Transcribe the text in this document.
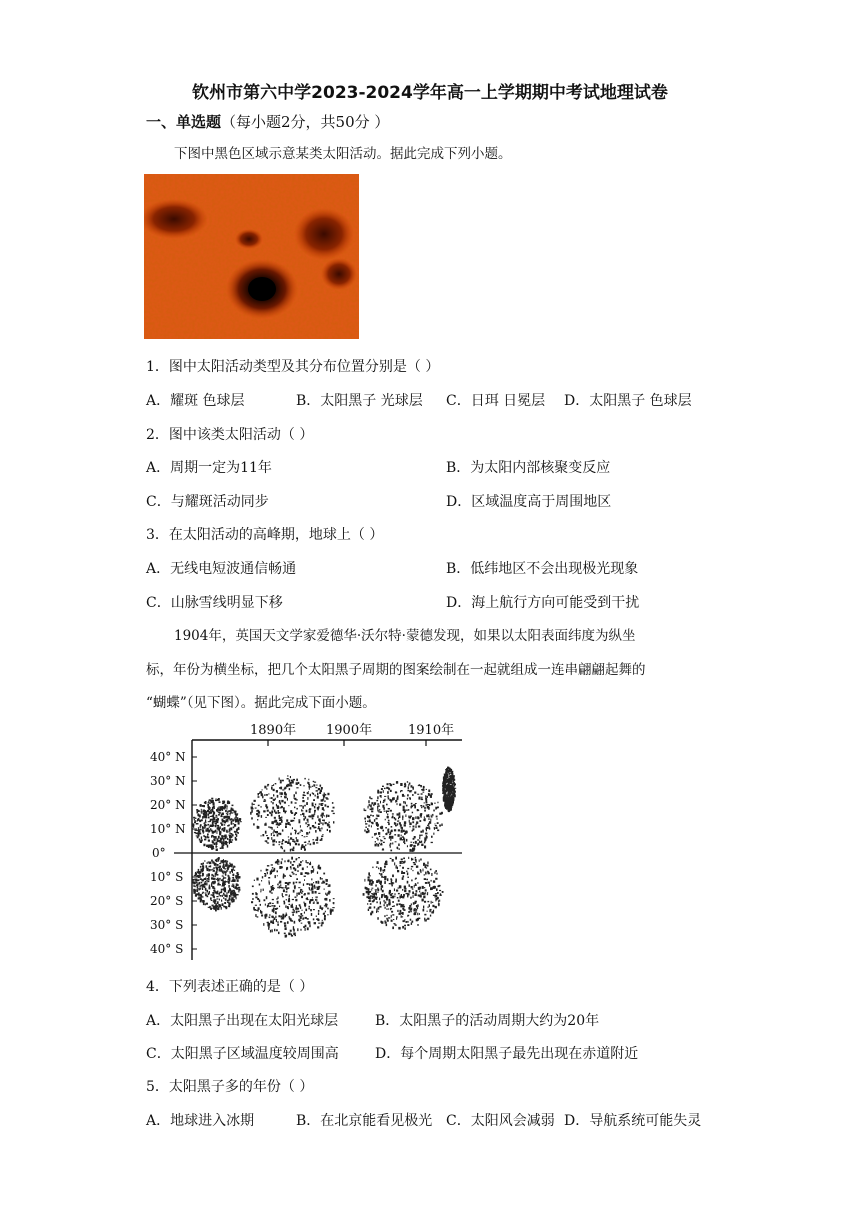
钦州市第六中学2023-2024学年高一上学期期中考试地理试卷
一、单选题（每小题2分，共50分 ）
下图中黑色区域示意某类太阳活动。据此完成下列小题。
1．图中太阳活动类型及其分布位置分别是（ ）
A．耀斑 色球层	B．太阳黑子 光球层 C．日珥 日冕层 D．太阳黑子 色球层
2．图中该类太阳活动（ ）
A．周期一定为11年	B．为太阳内部核聚变反应
C．与耀斑活动同步	D．区域温度高于周围地区
3．在太阳活动的高峰期，地球上（ ）
A．无线电短波通信畅通	B．低纬地区不会出现极光现象
C．山脉雪线明显下移	D．海上航行方向可能受到干扰
1904年，英国天文学家爱德华·沃尔特·蒙德发现，如果以太阳表面纬度为纵坐
标，年份为横坐标，把几个太阳黑子周期的图案绘制在一起就组成一连串翩翩起舞的
“蝴蝶”（见下图）。据此完成下面小题。
1890年 1900年	1910年
40° N
30° N
20° N
10° N
0°
10° S
20° S
30° S
40° S
4．下列表述正确的是（ ）
A．太阳黑子出现在太阳光球层	B．太阳黑子的活动周期大约为20年
C．太阳黑子区域温度较周围高	D．每个周期太阳黑子最先出现在赤道附近
5．太阳黑子多的年份（ ）
A．地球进入冰期	B．在北京能看见极光 C．太阳风会减弱 D．导航系统可能失灵
